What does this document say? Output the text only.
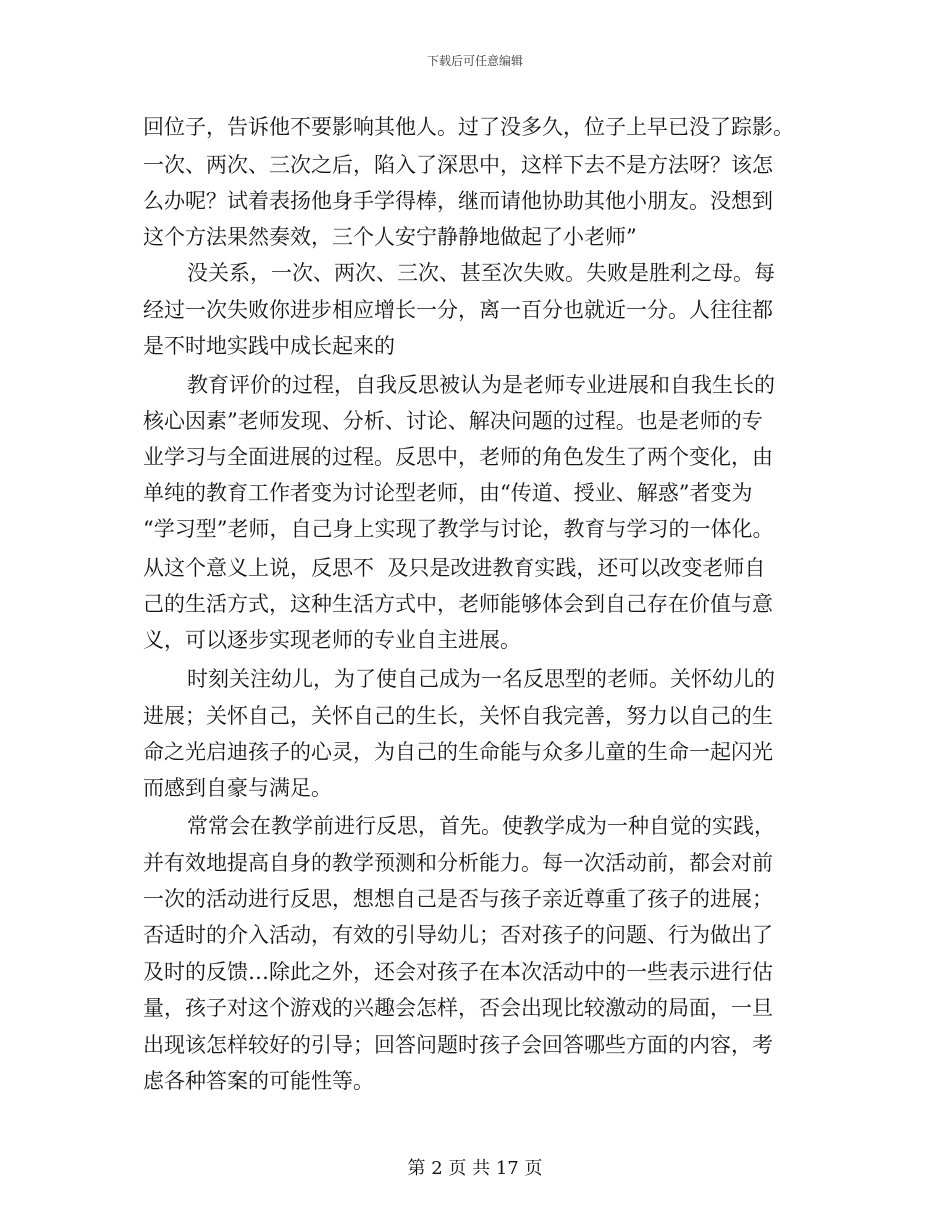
下载后可任意编辑
回位子，告诉他不要影响其他人。过了没多久，位子上早已没了踪影。
一次、两次、三次之后，陷入了深思中，这样下去不是方法呀？该怎
么办呢？试着表扬他身手学得棒，继而请他协助其他小朋友。没想到
这个方法果然奏效，三个人安宁静静地做起了小老师”
没关系，一次、两次、三次、甚至次失败。失败是胜利之母。每
经过一次失败你进步相应增长一分，离一百分也就近一分。人往往都
是不时地实践中成长起来的
教育评价的过程，自我反思被认为是老师专业进展和自我生长的
核心因素”老师发现、分析、讨论、解决问题的过程。也是老师的专
业学习与全面进展的过程。反思中，老师的角色发生了两个变化，由
单纯的教育工作者变为讨论型老师，由“传道、授业、解惑”者变为
“学习型”老师，自己身上实现了教学与讨论，教育与学习的一体化。
从这个意义上说，反思不  及只是改进教育实践，还可以改变老师自
己的生活方式，这种生活方式中，老师能够体会到自己存在价值与意
义，可以逐步实现老师的专业自主进展。
时刻关注幼儿，为了使自己成为一名反思型的老师。关怀幼儿的
进展；关怀自己，关怀自己的生长，关怀自我完善，努力以自己的生
命之光启迪孩子的心灵，为自己的生命能与众多儿童的生命一起闪光
而感到自豪与满足。
常常会在教学前进行反思，首先。使教学成为一种自觉的实践，
并有效地提高自身的教学预测和分析能力。每一次活动前，都会对前
一次的活动进行反思，想想自己是否与孩子亲近尊重了孩子的进展；
否适时的介入活动，有效的引导幼儿；否对孩子的问题、行为做出了
及时的反馈…除此之外，还会对孩子在本次活动中的一些表示进行估
量，孩子对这个游戏的兴趣会怎样，否会出现比较激动的局面，一旦
出现该怎样较好的引导；回答问题时孩子会回答哪些方面的内容，考
虑各种答案的可能性等。
第 2 页 共 17 页
